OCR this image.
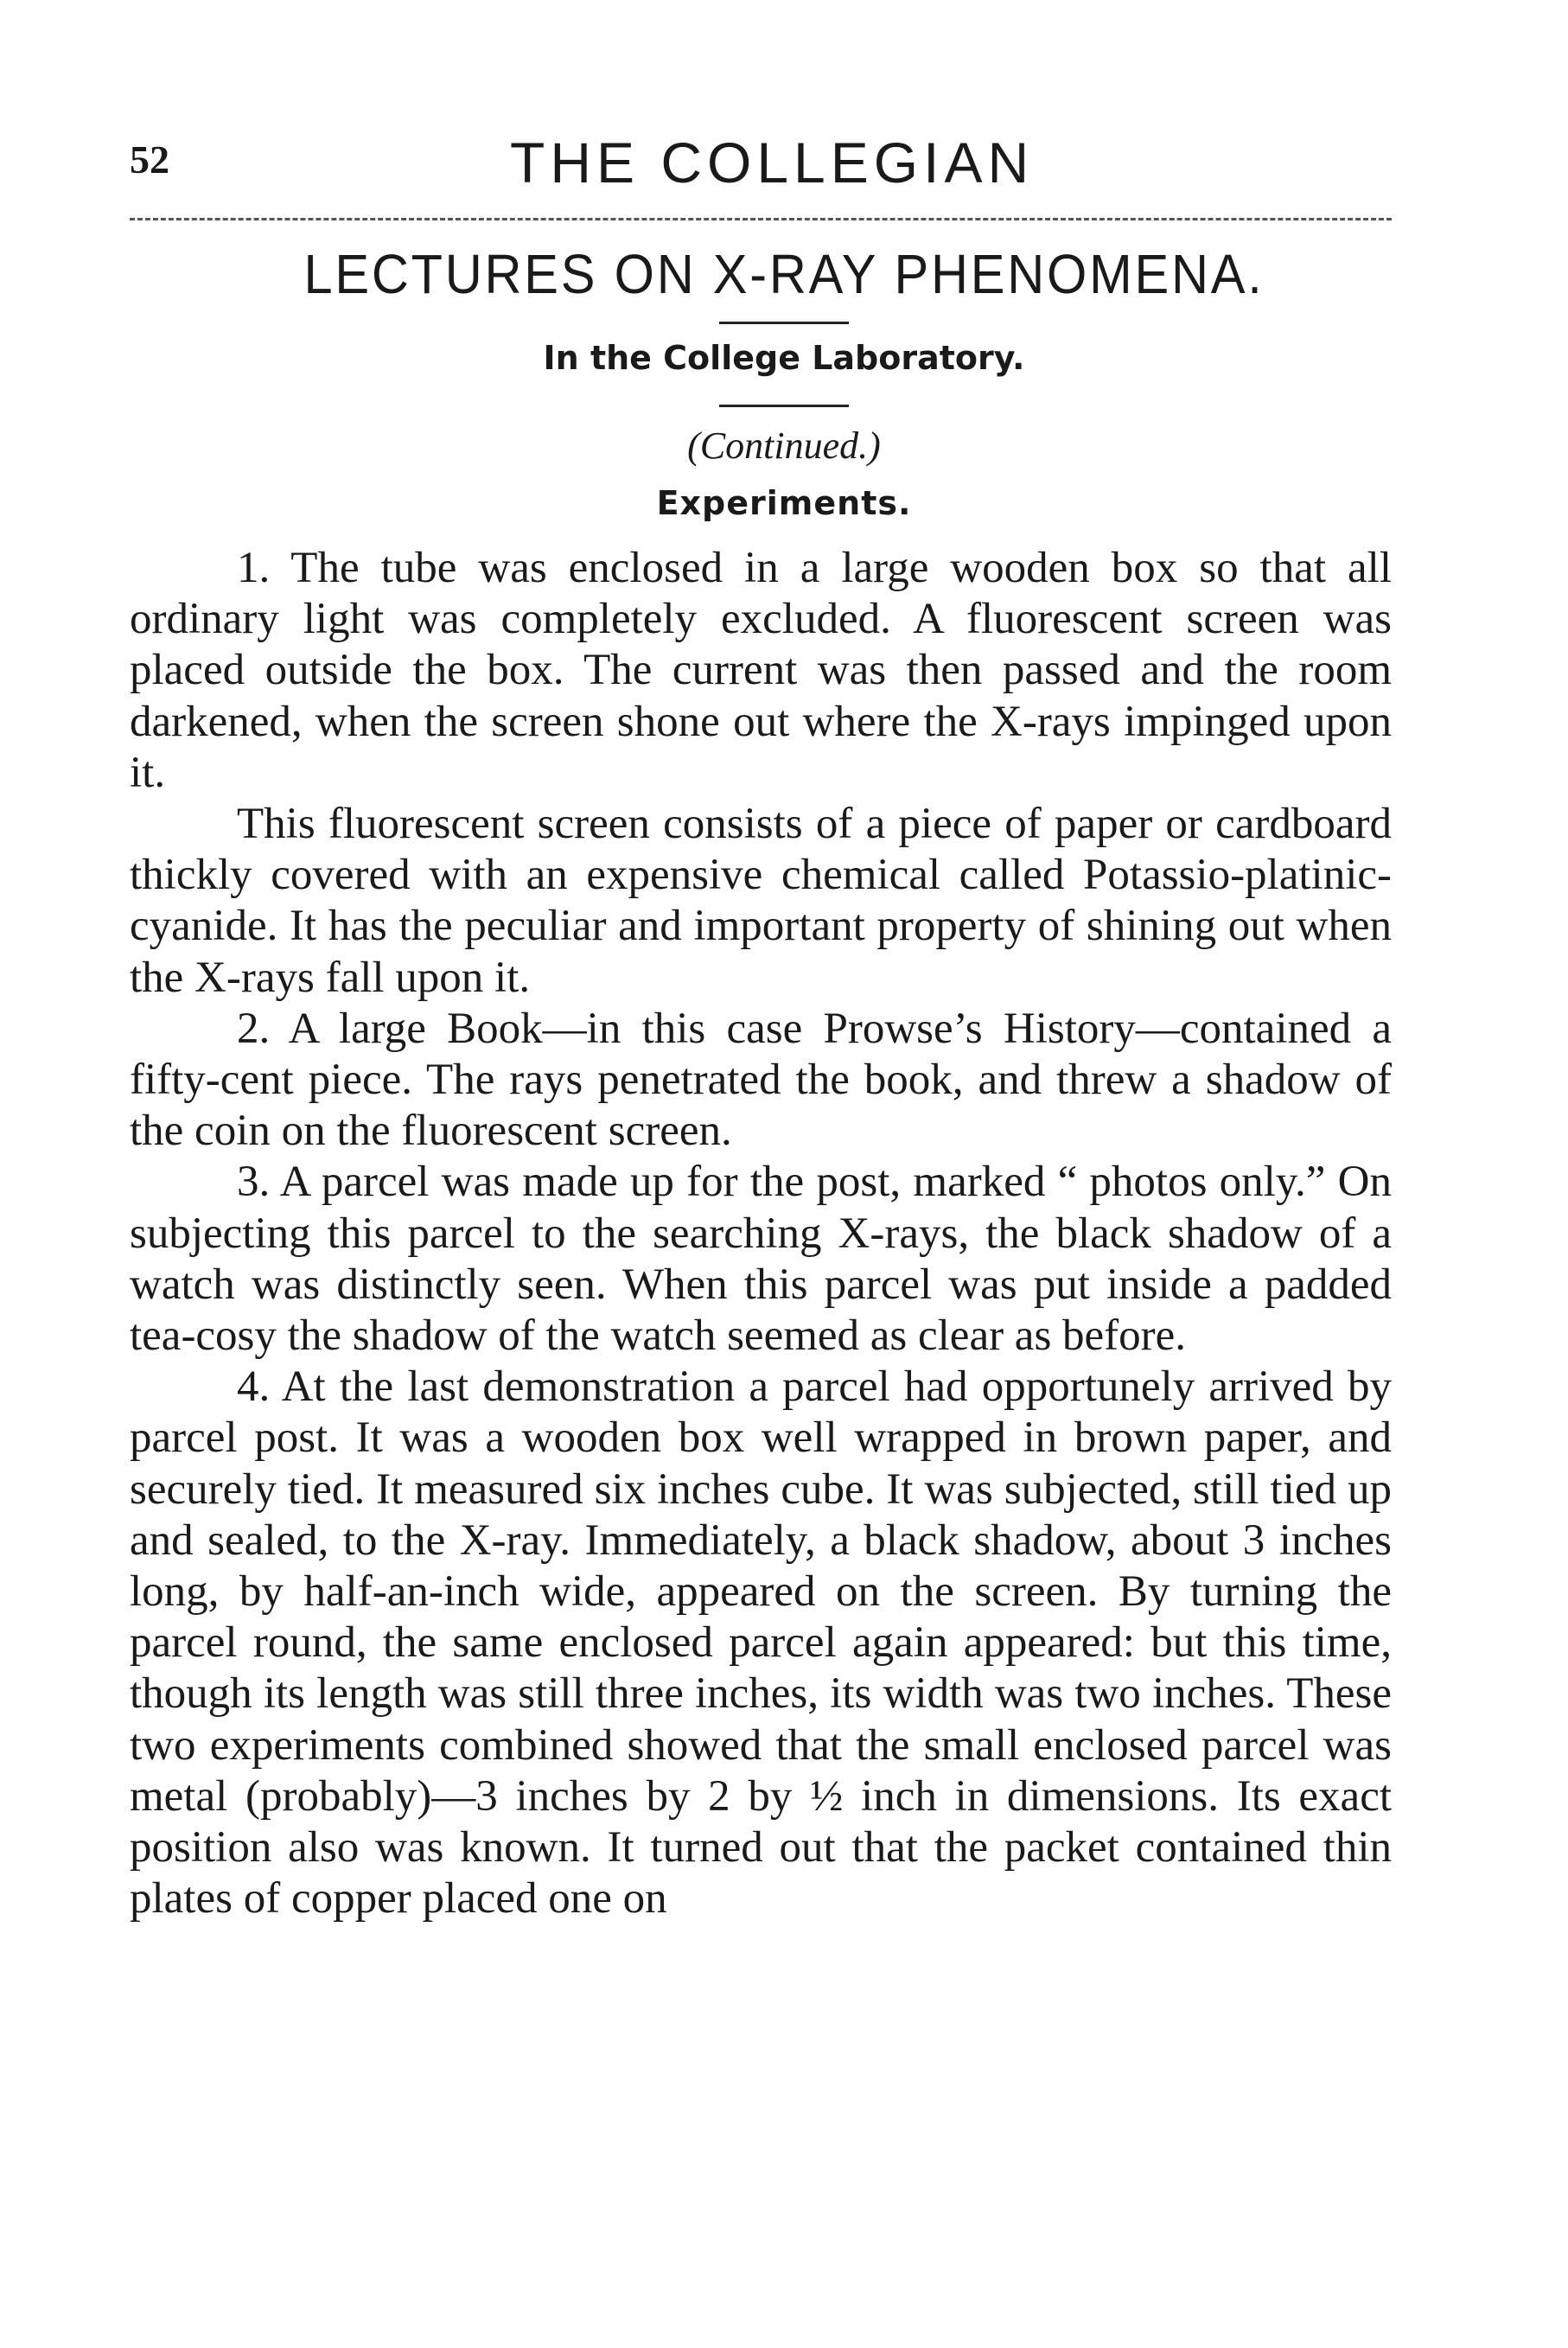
52	THE COLLEGIAN
LECTURES ON X-RAY PHENOMENA.
In the College Laboratory.
(Continued.)
Experiments.

1. The tube was enclosed in a large wooden box so that all ordinary light was completely excluded. A fluorescent screen was placed outside the box. The current was then passed and the room darkened, when the screen shone out where the X-rays impinged upon it.

This fluorescent screen consists of a piece of paper or cardboard thickly covered with an expensive chemical called Potassio-platinic-cyanide. It has the peculiar and important property of shining out when the X-rays fall upon it.

2. A large Book—in this case Prowse’s History—contained a fifty-cent piece. The rays penetrated the book, and threw a shadow of the coin on the fluorescent screen.

3. A parcel was made up for the post, marked “ photos only.” On subjecting this parcel to the searching X-rays, the black shadow of a watch was distinctly seen. When this parcel was put inside a padded tea-cosy the shadow of the watch seemed as clear as before.

4. At the last demonstration a parcel had opportunely arrived by parcel post. It was a wooden box well wrapped in brown paper, and securely tied. It measured six inches cube. It was subjected, still tied up and sealed, to the X-ray. Immediately, a black shadow, about 3 inches long, by half-an-inch wide, appeared on the screen. By turning the parcel round, the same enclosed parcel again appeared: but this time, though its length was still three inches, its width was two inches. These two experiments combined showed that the small enclosed parcel was metal (probably)—3 inches by 2 by ½ inch in dimensions. Its exact position also was known. It turned out that the packet contained thin plates of copper placed one on
